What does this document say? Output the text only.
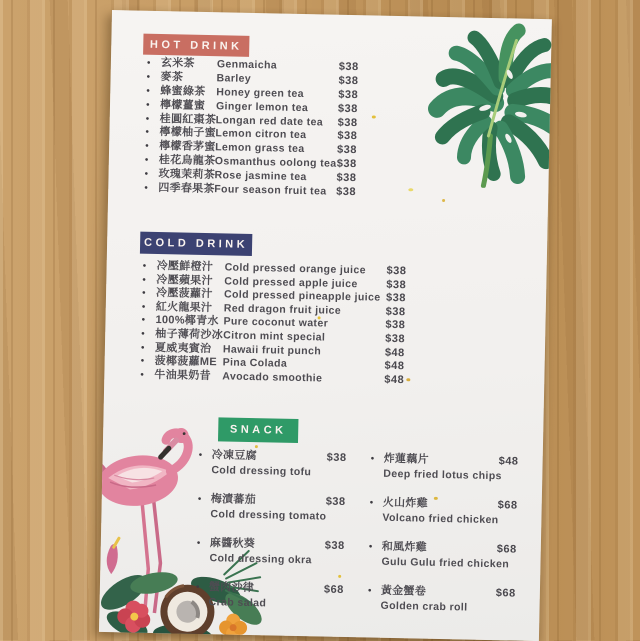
HOT DRINK
• 玄米茶	Genmaicha	$38
• 麥茶	Barley	$38
• 蜂蜜綠茶	Honey green tea	$38
• 檸檬薑蜜	Ginger lemon tea	$38
• 桂圓紅棗茶 Longan red date tea	$38
• 檸檬柚子蜜 Lemon citron tea	$38
• 檸檬香茅蜜 Lemon grass tea	$38
• 桂花烏龍茶 Osmanthus oolong tea $38
• 玫瑰茉莉茶 Rose jasmine tea	$38
• 四季春果茶 Four season fruit tea $38
COLD DRINK
• 冷壓鮮橙汁	Cold pressed orange juice	$38
• 冷壓蘋果汁	Cold pressed apple juice	$38
• 冷壓菠蘿汁	Cold pressed pineapple juice $38
• 紅火龍果汁	Red dragon fruit juice	$38
• 100%椰青水 Pure coconut water	$38
• 柚子薄荷沙冰 Citron mint special	$38
• 夏威夷賓治	Hawaii fruit punch	$48
• 菠椰菠蘿ME Pina Colada	$48
• 牛油果奶昔	Avocado smoothie	$48
SNACK
• 冷凍豆腐	$38
Cold dressing tofu
• 梅漬蕃茄	$38
Cold dressing tomato
• 麻醬秋葵	$38
Cold dressing okra
• 蟹肉沙律	$68
Crab salad
• 炸蓮藕片	$48
Deep fried lotus chips
• 火山炸雞	$68
Volcano fried chicken
• 和風炸雞	$68
Gulu Gulu fried chicken
• 黃金蟹卷	$68
Golden crab roll
